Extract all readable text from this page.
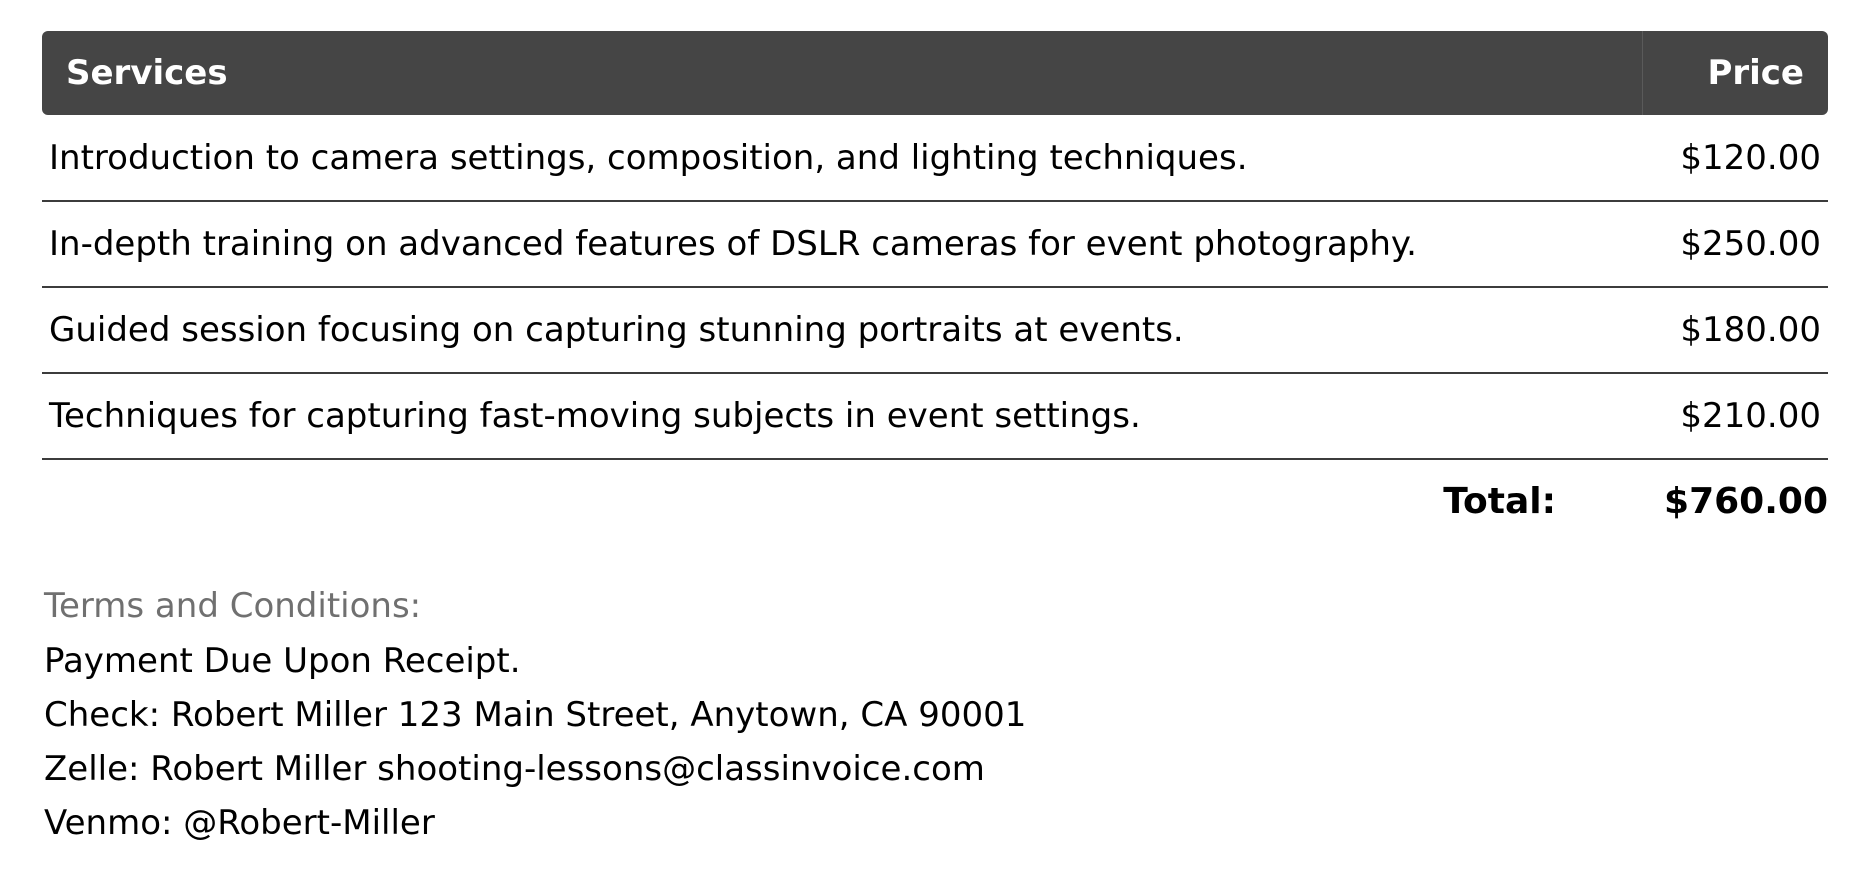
Services	Price
Introduction to camera settings, composition, and lighting techniques.	$120.00
In-depth training on advanced features of DSLR cameras for event photography.	$250.00
Guided session focusing on capturing stunning portraits at events.	$180.00
Techniques for capturing fast-moving subjects in event settings.	$210.00
Total:	$760.00
Terms and Conditions:
Payment Due Upon Receipt.
Check: Robert Miller 123 Main Street, Anytown, CA 90001
Zelle: Robert Miller shooting-lessons@classinvoice.com
Venmo: @Robert-Miller
